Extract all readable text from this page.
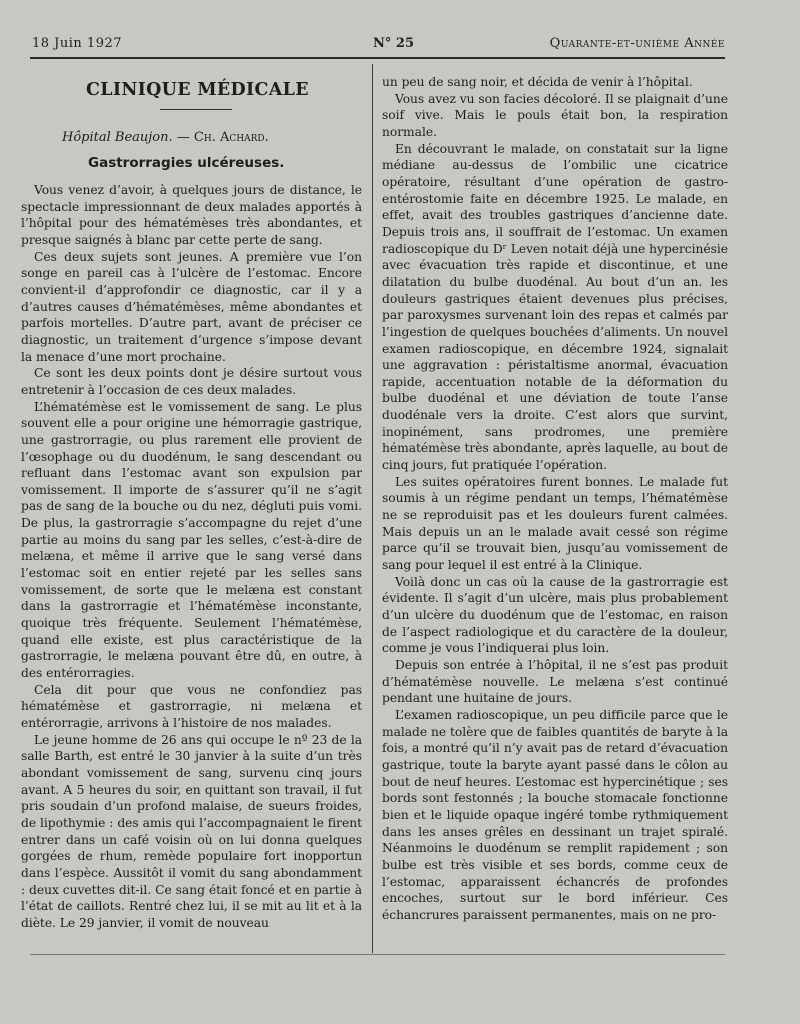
18 Juin 1927	N° 25	Quarante-et-unième Année
CLINIQUE MÉDICALE
Hôpital Beaujon. — Ch. Achard.
Gastrorragies ulcéreuses.

Vous venez d’avoir, à quelques jours de distance, le spectacle impressionnant de deux malades apportés à l’hôpital pour des hématémèses très abondantes, et presque saignés à blanc par cette perte de sang.

Ces deux sujets sont jeunes. A première vue l’on songe en pareil cas à l’ulcère de l’estomac. Encore convient-il d’approfondir ce diagnostic, car il y a d’autres causes d’hématémèses, même abondantes et parfois mortelles. D’autre part, avant de préciser ce diagnostic, un traitement d’urgence s’impose devant la menace d’une mort prochaine.

Ce sont les deux points dont je désire surtout vous entretenir à l’occasion de ces deux malades.

L’hématémèse est le vomissement de sang. Le plus souvent elle a pour origine une hémorragie gastrique, une gastrorragie, ou plus rarement elle provient de l’œsophage ou du duodénum, le sang descendant ou refluant dans l’estomac avant son expulsion par vomissement. Il importe de s’assurer qu’il ne s’agit pas de sang de la bouche ou du nez, dégluti puis vomi. De plus, la gastrorragie s’accompagne du rejet d’une partie au moins du sang par les selles, c’est-à-dire de melæna, et même il arrive que le sang versé dans l’estomac soit en entier rejeté par les selles sans vomissement, de sorte que le melæna est constant dans la gastrorragie et l’hématémèse inconstante, quoique très fréquente. Seulement l’hématémèse, quand elle existe, est plus caractéristique de la gastrorragie, le melæna pouvant être dû, en outre, à des entérorragies.

Cela dit pour que vous ne confondiez pas hématémèse et gastrorragie, ni melæna et entérorragie, arrivons à l’histoire de nos malades.

Le jeune homme de 26 ans qui occupe le nº 23 de la salle Barth, est entré le 30 janvier à la suite d’un très abondant vomissement de sang, survenu cinq jours avant. A 5 heures du soir, en quittant son travail, il fut pris soudain d’un profond malaise, de sueurs froides, de lipothymie : des amis qui l’accompagnaient le firent entrer dans un café voisin où on lui donna quelques gorgées de rhum, remède populaire fort inopportun dans l’espèce. Aussitôt il vomit du sang abondamment : deux cuvettes dit-il. Ce sang était foncé et en partie à l’état de caillots. Rentré chez lui, il se mit au lit et à la diète. Le 29 janvier, il vomit de nouveau

un peu de sang noir, et décida de venir à l’hôpital.

Vous avez vu son facies décoloré. Il se plaignait d’une soif vive. Mais le pouls était bon, la respiration normale.

En découvrant le malade, on constatait sur la ligne médiane au-dessus de l’ombilic une cicatrice opératoire, résultant d’une opération de gastro-entérostomie faite en décembre 1925. Le malade, en effet, avait des troubles gastriques d’ancienne date. Depuis trois ans, il souffrait de l’estomac. Un examen radioscopique du Dʳ Leven notait déjà une hypercinésie avec évacuation très rapide et discontinue, et une dilatation du bulbe duodénal. Au bout d’un an. les douleurs gastriques étaient devenues plus précises, par paroxysmes survenant loin des repas et calmés par l’ingestion de quelques bouchées d’aliments. Un nouvel examen radioscopique, en décembre 1924, signalait une aggravation : péristaltisme anormal, évacuation rapide, accentuation notable de la déformation du bulbe duodénal et une déviation de toute l’anse duodénale vers la droite. C’est alors que survint, inopinément, sans prodromes, une première hématémèse très abondante, après laquelle, au bout de cinq jours, fut pratiquée l’opération.

Les suites opératoires furent bonnes. Le malade fut soumis à un régime pendant un temps, l’hématémèse ne se reproduisit pas et les douleurs furent calmées. Mais depuis un an le malade avait cessé son régime parce qu’il se trouvait bien, jusqu’au vomissement de sang pour lequel il est entré à la Clinique.

Voilà donc un cas où la cause de la gastrorragie est évidente. Il s’agit d’un ulcère, mais plus probablement d’un ulcère du duodénum que de l’estomac, en raison de l’aspect radiologique et du caractère de la douleur, comme je vous l’indiquerai plus loin.

Depuis son entrée à l’hôpital, il ne s’est pas produit d’hématémèse nouvelle. Le melæna s’est continué pendant une huitaine de jours.

L’examen radioscopique, un peu difficile parce que le malade ne tolère que de faibles quantités de baryte à la fois, a montré qu’il n’y avait pas de retard d’évacuation gastrique, toute la baryte ayant passé dans le côlon au bout de neuf heures. L’estomac est hypercinétique ; ses bords sont festonnés ; la bouche stomacale fonctionne bien et le liquide opaque ingéré tombe rythmiquement dans les anses grêles en dessinant un trajet spiralé. Néanmoins le duodénum se remplit rapidement ; son bulbe est très visible et ses bords, comme ceux de l’estomac, apparaissent échancrés de profondes encoches, surtout sur le bord inférieur. Ces échancrures paraissent permanentes, mais on ne pro-
